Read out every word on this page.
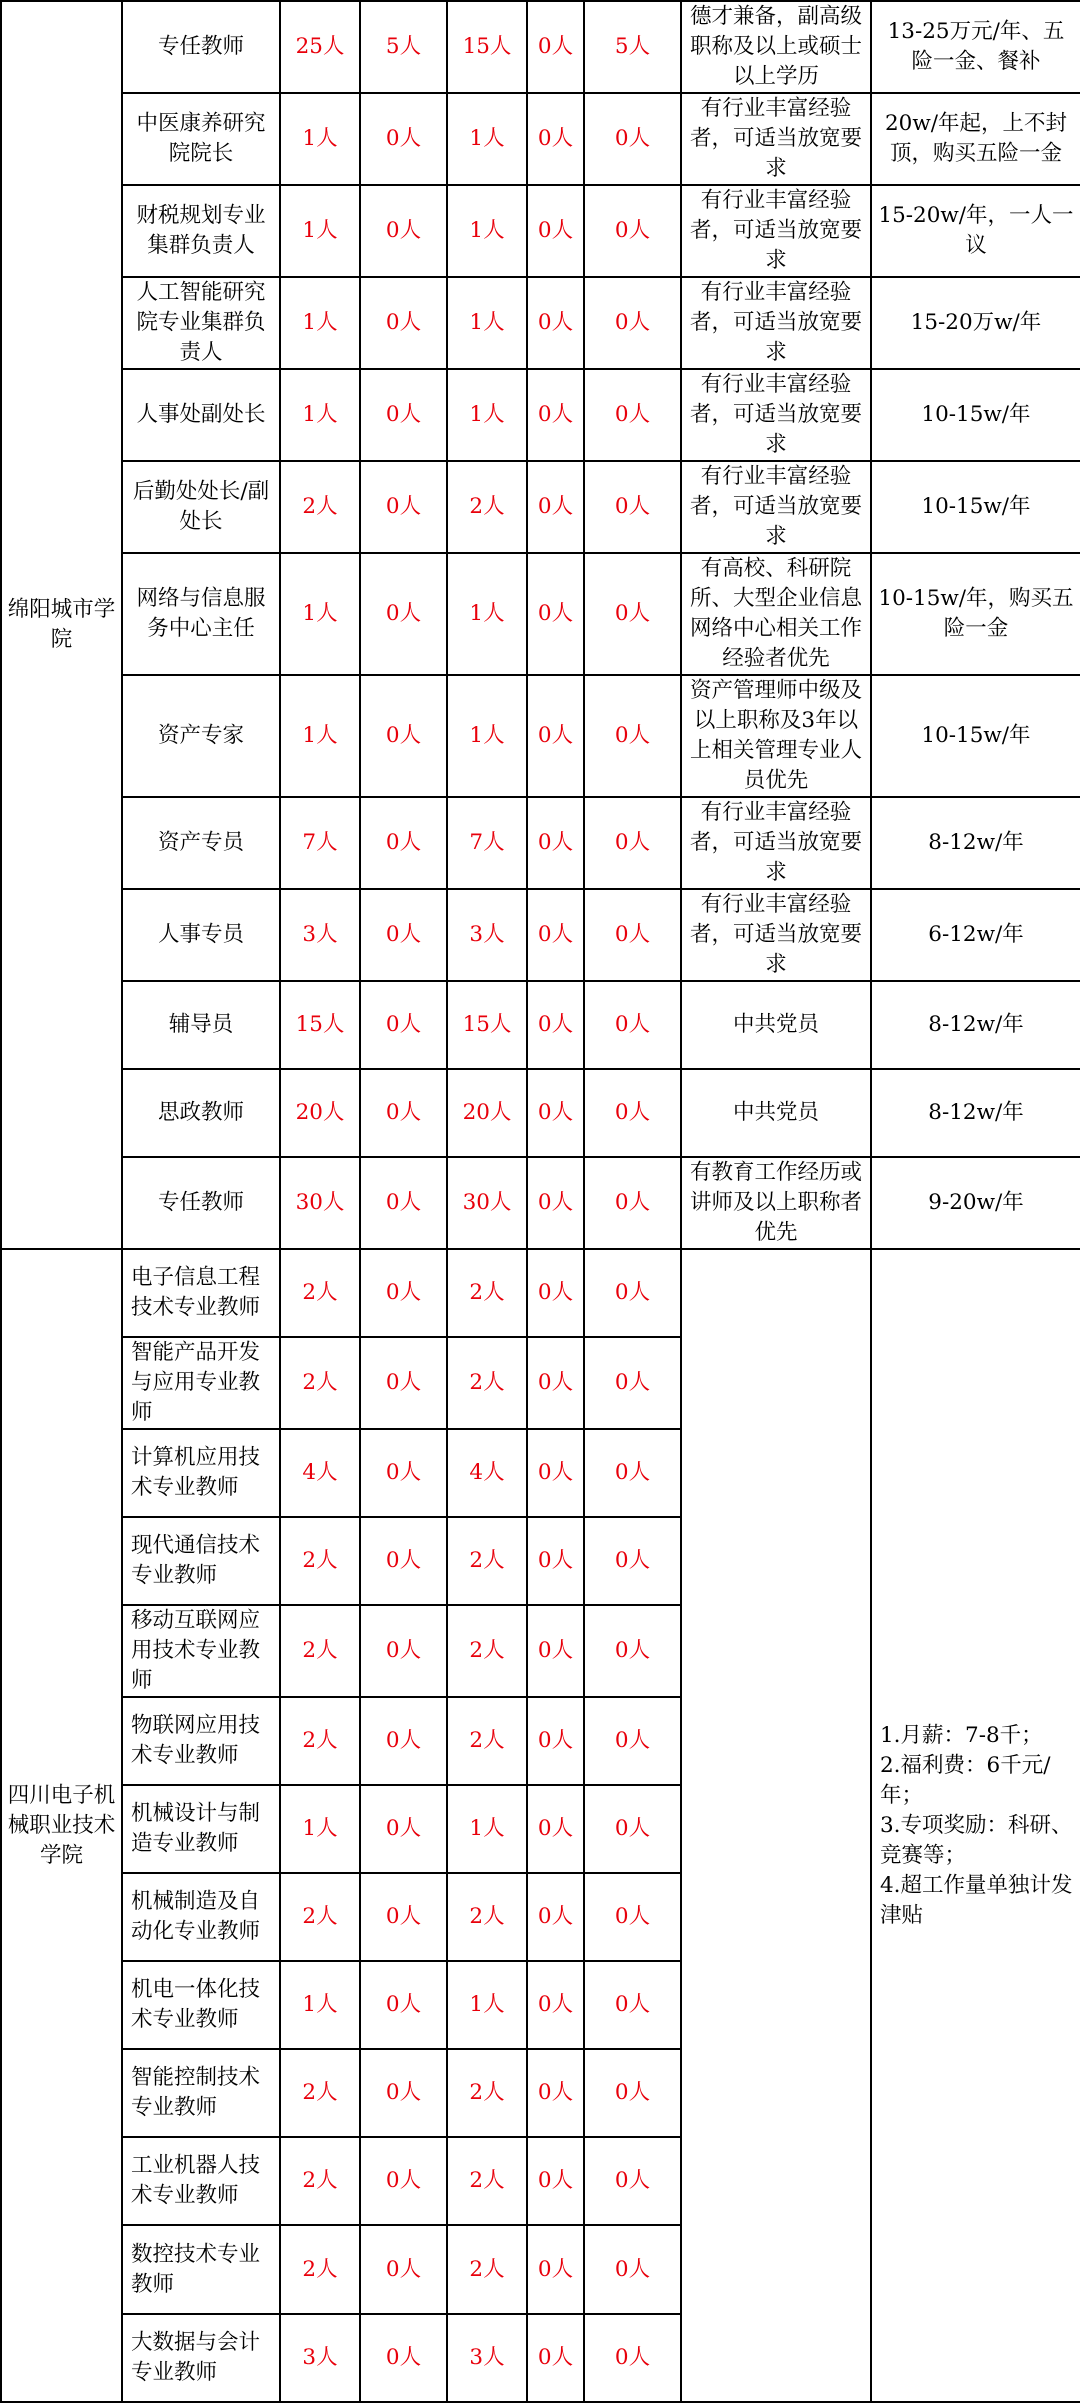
绵阳城市学院	专任教师	25人	5人	15人	0人	5人	德才兼备，副高级职称及以上或硕士以上学历	13-25万元/年、五险一金、餐补
	中医康养研究院院长	1人	0人	1人	0人	0人	有行业丰富经验者，可适当放宽要求	20w/年起，上不封顶，购买五险一金
	财税规划专业集群负责人	1人	0人	1人	0人	0人	有行业丰富经验者，可适当放宽要求	15-20w/年，一人一议
	人工智能研究院专业集群负责人	1人	0人	1人	0人	0人	有行业丰富经验者，可适当放宽要求	15-20万w/年
	人事处副处长	1人	0人	1人	0人	0人	有行业丰富经验者，可适当放宽要求	10-15w/年
	后勤处处长/副处长	2人	0人	2人	0人	0人	有行业丰富经验者，可适当放宽要求	10-15w/年
	网络与信息服务中心主任	1人	0人	1人	0人	0人	有高校、科研院所、大型企业信息网络中心相关工作经验者优先	10-15w/年，购买五险一金
	资产专家	1人	0人	1人	0人	0人	资产管理师中级及以上职称及3年以上相关管理专业人员优先	10-15w/年
	资产专员	7人	0人	7人	0人	0人	有行业丰富经验者，可适当放宽要求	8-12w/年
	人事专员	3人	0人	3人	0人	0人	有行业丰富经验者，可适当放宽要求	6-12w/年
	辅导员	15人	0人	15人	0人	0人	中共党员	8-12w/年
	思政教师	20人	0人	20人	0人	0人	中共党员	8-12w/年
	专任教师	30人	0人	30人	0人	0人	有教育工作经历或讲师及以上职称者优先	9-20w/年
四川电子机械职业技术学院	电子信息工程技术专业教师	2人	0人	2人	0人	0人		1.月薪：7-8千；
2.福利费：6千元/年；
3.专项奖励：科研、竞赛等；
4.超工作量单独计发津贴

	智能产品开发与应用专业教师	2人	0人	2人	0人	0人		
	计算机应用技术专业教师	4人	0人	4人	0人	0人		
	现代通信技术专业教师	2人	0人	2人	0人	0人		
	移动互联网应用技术专业教师	2人	0人	2人	0人	0人		
	物联网应用技术专业教师	2人	0人	2人	0人	0人		
	机械设计与制造专业教师	1人	0人	1人	0人	0人		
	机械制造及自动化专业教师	2人	0人	2人	0人	0人		
	机电一体化技术专业教师	1人	0人	1人	0人	0人		
	智能控制技术专业教师	2人	0人	2人	0人	0人		
	工业机器人技术专业教师	2人	0人	2人	0人	0人		
	数控技术专业教师	2人	0人	2人	0人	0人		
	大数据与会计专业教师	3人	0人	3人	0人	0人		
